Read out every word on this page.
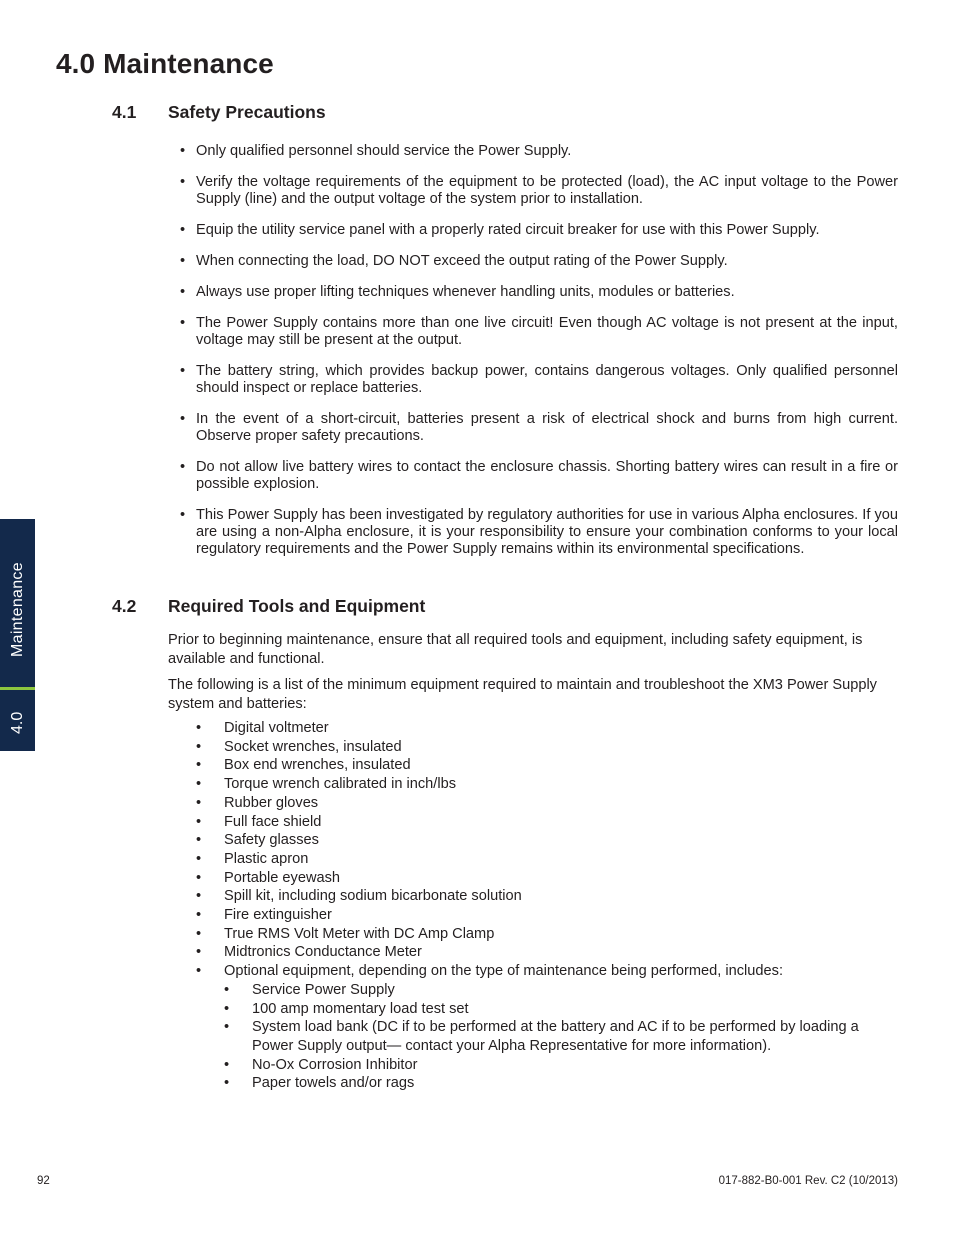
4.0 Maintenance
4.1 Safety Precautions
• Only qualified personnel should service the Power Supply.
• Verify the voltage requirements of the equipment to be protected (load), the AC input voltage to the Power Supply (line) and the output voltage of the system prior to installation.
• Equip the utility service panel with a properly rated circuit breaker for use with this Power Supply.
• When connecting the load, DO NOT exceed the output rating of the Power Supply.
• Always use proper lifting techniques whenever handling units, modules or batteries.
• The Power Supply contains more than one live circuit! Even though AC voltage is not present at the input, voltage may still be present at the output.
• The battery string, which provides backup power, contains dangerous voltages. Only qualified personnel should inspect or replace batteries.
• In the event of a short-circuit, batteries present a risk of electrical shock and burns from high current. Observe proper safety precautions.
• Do not allow live battery wires to contact the enclosure chassis. Shorting battery wires can result in a fire or possible explosion.
• This Power Supply has been investigated by regulatory authorities for use in various Alpha enclosures. If you are using a non-Alpha enclosure, it is your responsibility to ensure your combination conforms to your local regulatory requirements and the Power Supply remains within its environmental specifications.
4.2 Required Tools and Equipment

Prior to beginning maintenance, ensure that all required tools and equipment, including safety equipment, is available and functional.

The following is a list of the minimum equipment required to maintain and troubleshoot the XM3 Power Supply system and batteries:

• Digital voltmeter
• Socket wrenches, insulated
• Box end wrenches, insulated
• Torque wrench calibrated in inch/lbs
• Rubber gloves
• Full face shield
• Safety glasses
• Plastic apron
• Portable eyewash
• Spill kit, including sodium bicarbonate solution
• Fire extinguisher
• True RMS Volt Meter with DC Amp Clamp
• Midtronics Conductance Meter
• Optional equipment, depending on the type of maintenance being performed, includes:
• Service Power Supply
• 100 amp momentary load test set
• System load bank (DC if to be performed at the battery and AC if to be performed by loading a Power Supply output— contact your Alpha Representative for more information).
• No-Ox Corrosion Inhibitor
• Paper towels and/or rags
Maintenance
4.0

92	017-882-B0-001 Rev. C2 (10/2013)
